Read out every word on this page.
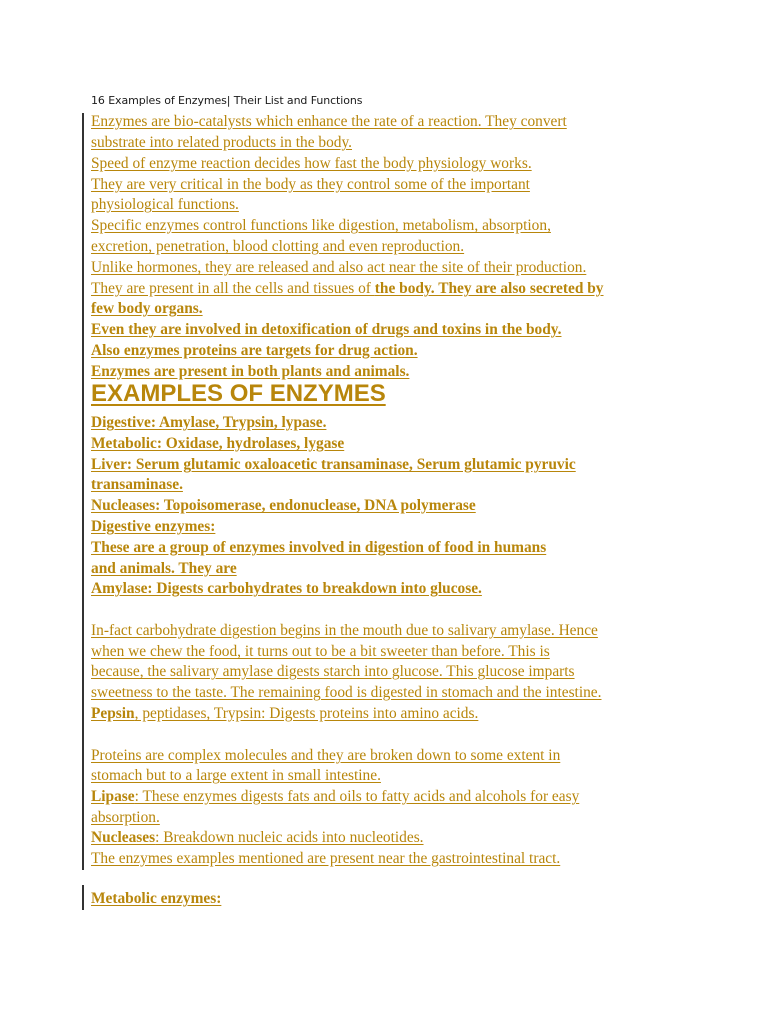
16 Examples of Enzymes| Their List and Functions
Enzymes are bio-catalysts which enhance the rate of a reaction. They convert
substrate into related products in the body.
Speed of enzyme reaction decides how fast the body physiology works.
They are very critical in the body as they control some of the important
physiological functions.
Specific enzymes control functions like digestion, metabolism, absorption,
excretion, penetration, blood clotting and even reproduction.
Unlike hormones, they are released and also act near the site of their production.
They are present in all the cells and tissues of the body. They are also secreted by
few body organs.
Even they are involved in detoxification of drugs and toxins in the body.
Also enzymes proteins are targets for drug action.
Enzymes are present in both plants and animals.
EXAMPLES OF ENZYMES
Digestive: Amylase, Trypsin, lypase.
Metabolic: Oxidase, hydrolases, lygase
Liver: Serum glutamic oxaloacetic transaminase, Serum glutamic pyruvic
transaminase.
Nucleases: Topoisomerase, endonuclease, DNA polymerase
Digestive enzymes:
These are a group of enzymes involved in digestion of food in humans
and animals. They are
Amylase: Digests carbohydrates to breakdown into glucose.
In-fact carbohydrate digestion begins in the mouth due to salivary amylase. Hence
when we chew the food, it turns out to be a bit sweeter than before. This is
because, the salivary amylase digests starch into glucose. This glucose imparts
sweetness to the taste. The remaining food is digested in stomach and the intestine.
Pepsin, peptidases, Trypsin: Digests proteins into amino acids.
Proteins are complex molecules and they are broken down to some extent in
stomach but to a large extent in small intestine.
Lipase: These enzymes digests fats and oils to fatty acids and alcohols for easy
absorption.
Nucleases: Breakdown nucleic acids into nucleotides.
The enzymes examples mentioned are present near the gastrointestinal tract.
Metabolic enzymes:
